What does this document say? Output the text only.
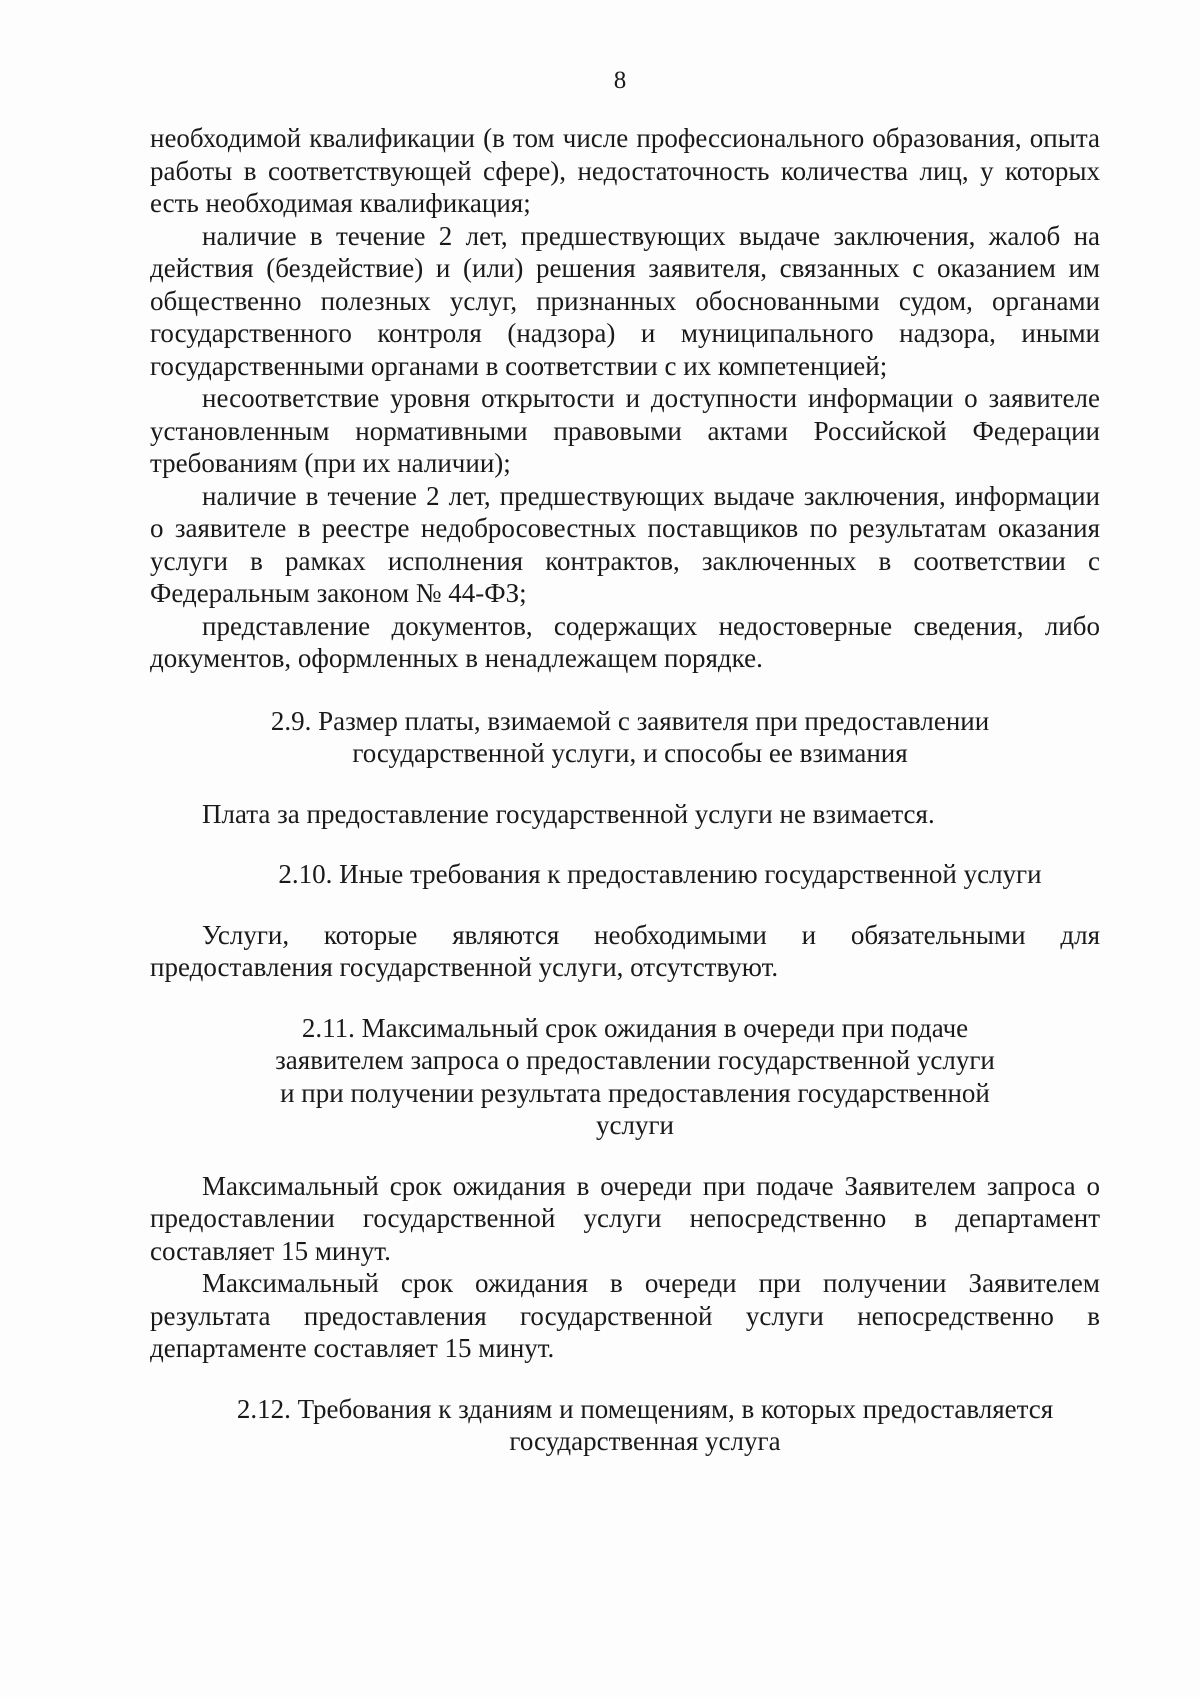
8

необходимой квалификации (в том числе профессионального образования, опыта работы в соответствующей сфере), недостаточность количества лиц, у которых есть необходимая квалификация;

наличие в течение 2 лет, предшествующих выдаче заключения, жалоб на действия (бездействие) и (или) решения заявителя, связанных с оказанием им общественно полезных услуг, признанных обоснованными судом, органами государственного контроля (надзора) и муниципального надзора, иными государственными органами в соответствии с их компетенцией;

несоответствие уровня открытости и доступности информации о заявителе установленным нормативными правовыми актами Российской Федерации требованиям (при их наличии);

наличие в течение 2 лет, предшествующих выдаче заключения, информации о заявителе в реестре недобросовестных поставщиков по результатам оказания услуги в рамках исполнения контрактов, заключенных в соответствии с Федеральным законом № 44-ФЗ;

представление документов, содержащих недостоверные сведения, либо документов, оформленных в ненадлежащем порядке.

2.9. Размер платы, взимаемой с заявителя при предоставлении
государственной услуги, и способы ее взимания

Плата за предоставление государственной услуги не взимается.

2.10. Иные требования к предоставлению государственной услуги

Услуги, которые являются необходимыми и обязательными для предоставления государственной услуги, отсутствуют.

2.11. Максимальный срок ожидания в очереди при подаче
заявителем запроса о предоставлении государственной услуги
и при получении результата предоставления государственной
услуги

Максимальный срок ожидания в очереди при подаче Заявителем запроса о предоставлении государственной услуги непосредственно в департамент составляет 15 минут.

Максимальный срок ожидания в очереди при получении Заявителем результата предоставления государственной услуги непосредственно в департаменте составляет 15 минут.

2.12. Требования к зданиям и помещениям, в которых предоставляется
государственная услуга
